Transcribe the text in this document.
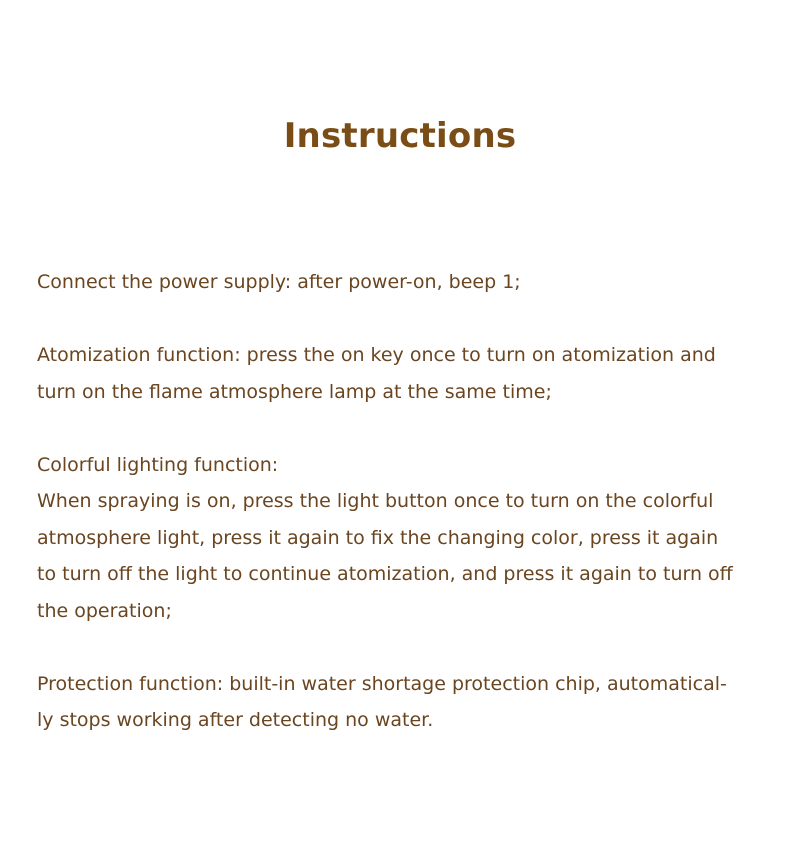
Instructions

Connect the power supply: after power-on, beep 1;

Atomization function: press the on key once to turn on atomization and
turn on the flame atmosphere lamp at the same time;

Colorful lighting function:
When spraying is on, press the light button once to turn on the colorful
atmosphere light, press it again to fix the changing color, press it again
to turn off the light to continue atomization, and press it again to turn off
the operation;

Protection function: built-in water shortage protection chip, automatical-
ly stops working after detecting no water.
